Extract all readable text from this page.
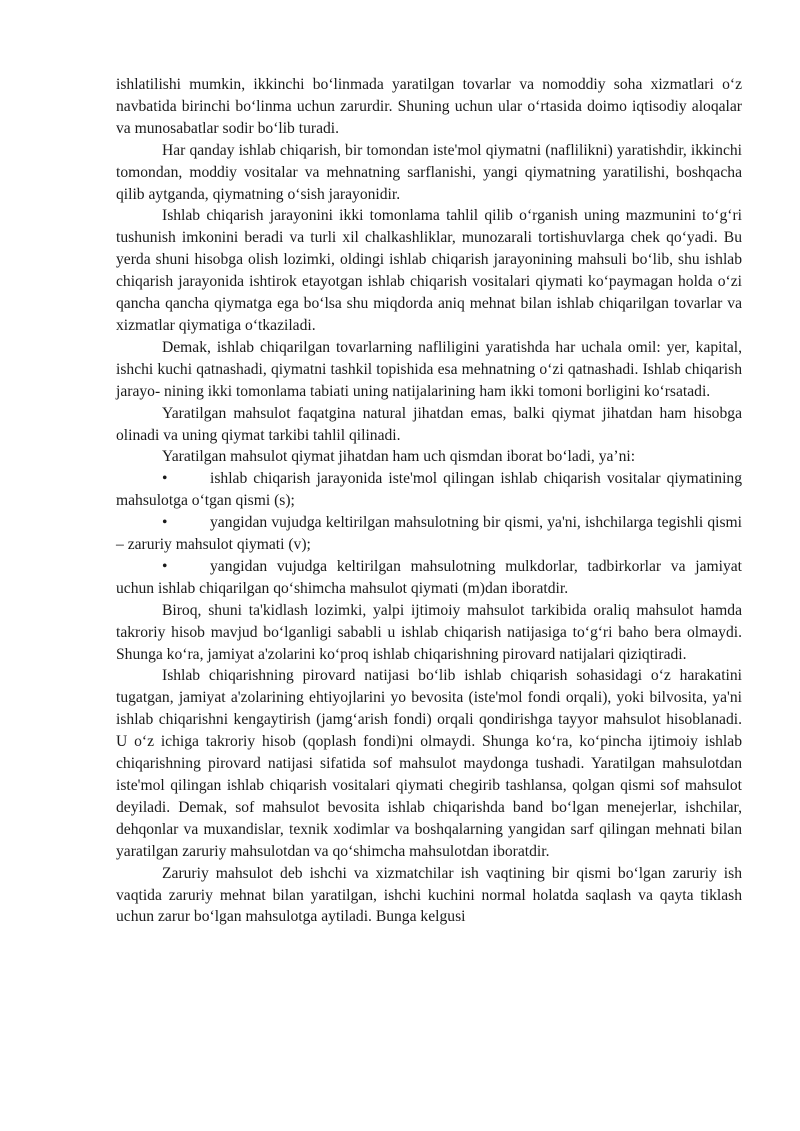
ishlatilishi mumkin, ikkinchi bo‘linmada yaratilgan tovarlar va nomoddiy soha xizmatlari o‘z navbatida birinchi bo‘linma uchun zarurdir. Shuning uchun ular o‘rtasida doimo iqtisodiy aloqalar va munosabatlar sodir bo‘lib turadi.

Har qanday ishlab chiqarish, bir tomondan iste'mol qiymatni (naflilikni) yaratishdir, ikkinchi tomondan, moddiy vositalar va mehnatning sarflanishi, yangi qiymatning yaratilishi, boshqacha qilib aytganda, qiymatning o‘sish jarayonidir.

Ishlab chiqarish jarayonini ikki tomonlama tahlil qilib o‘rganish uning mazmunini to‘g‘ri tushunish imkonini beradi va turli xil chalkashliklar, munozarali tortishuvlarga chek qo‘yadi. Bu yerda shuni hisobga olish lozimki, oldingi ishlab chiqarish jarayonining mahsuli bo‘lib, shu ishlab chiqarish jarayonida ishtirok etayotgan ishlab chiqarish vositalari qiymati ko‘paymagan holda o‘zi qancha qancha qiymatga ega bo‘lsa shu miqdorda aniq mehnat bilan ishlab chiqarilgan tovarlar va xizmatlar qiymatiga o‘tkaziladi.

Demak, ishlab chiqarilgan tovarlarning nafliligini yaratishda har uchala omil: yer, kapital, ishchi kuchi qatnashadi, qiymatni tashkil topishida esa mehnatning o‘zi qatnashadi. Ishlab chiqarish jarayo- nining ikki tomonlama tabiati uning natijalarining ham ikki tomoni borligini ko‘rsatadi.

Yaratilgan mahsulot faqatgina natural jihatdan emas, balki qiymat jihatdan ham hisobga olinadi va uning qiymat tarkibi tahlil qilinadi.

Yaratilgan mahsulot qiymat jihatdan ham uch qismdan iborat bo‘ladi, ya’ni:

•	ishlab chiqarish jarayonida iste'mol qilingan ishlab chiqarish vositalar qiymatining mahsulotga o‘tgan qismi (s);

•	yangidan vujudga keltirilgan mahsulotning bir qismi, ya'ni, ishchilarga tegishli qismi – zaruriy mahsulot qiymati (v);

•	yangidan vujudga keltirilgan mahsulotning mulkdorlar, tadbirkorlar va jamiyat uchun ishlab chiqarilgan qo‘shimcha mahsulot qiymati (m)dan iboratdir.

Biroq, shuni ta'kidlash lozimki, yalpi ijtimoiy mahsulot tarkibida oraliq mahsulot hamda takroriy hisob mavjud bo‘lganligi sababli u ishlab chiqarish natijasiga to‘g‘ri baho bera olmaydi. Shunga ko‘ra, jamiyat a'zolarini ko‘proq ishlab chiqarishning pirovard natijalari qiziqtiradi.

Ishlab chiqarishning pirovard natijasi bo‘lib ishlab chiqarish sohasidagi o‘z harakatini tugatgan, jamiyat a'zolarining ehtiyojlarini yo bevosita (iste'mol fondi orqali), yoki bilvosita, ya'ni ishlab chiqarishni kengaytirish (jamg‘arish fondi) orqali qondirishga tayyor mahsulot hisoblanadi. U o‘z ichiga takroriy hisob (qoplash fondi)ni olmaydi. Shunga ko‘ra, ko‘pincha ijtimoiy ishlab chiqarishning pirovard natijasi sifatida sof mahsulot maydonga tushadi. Yaratilgan mahsulotdan iste'mol qilingan ishlab chiqarish vositalari qiymati chegirib tashlansa, qolgan qismi sof mahsulot deyiladi. Demak, sof mahsulot bevosita ishlab chiqarishda band bo‘lgan menejerlar, ishchilar, dehqonlar va muxandislar, texnik xodimlar va boshqalarning yangidan sarf qilingan mehnati bilan yaratilgan zaruriy mahsulotdan va qo‘shimcha mahsulotdan iboratdir.

Zaruriy mahsulot deb ishchi va xizmatchilar ish vaqtining bir qismi bo‘lgan zaruriy ish vaqtida zaruriy mehnat bilan yaratilgan, ishchi kuchini normal holatda saqlash va qayta tiklash uchun zarur bo‘lgan mahsulotga aytiladi. Bunga kelgusi
